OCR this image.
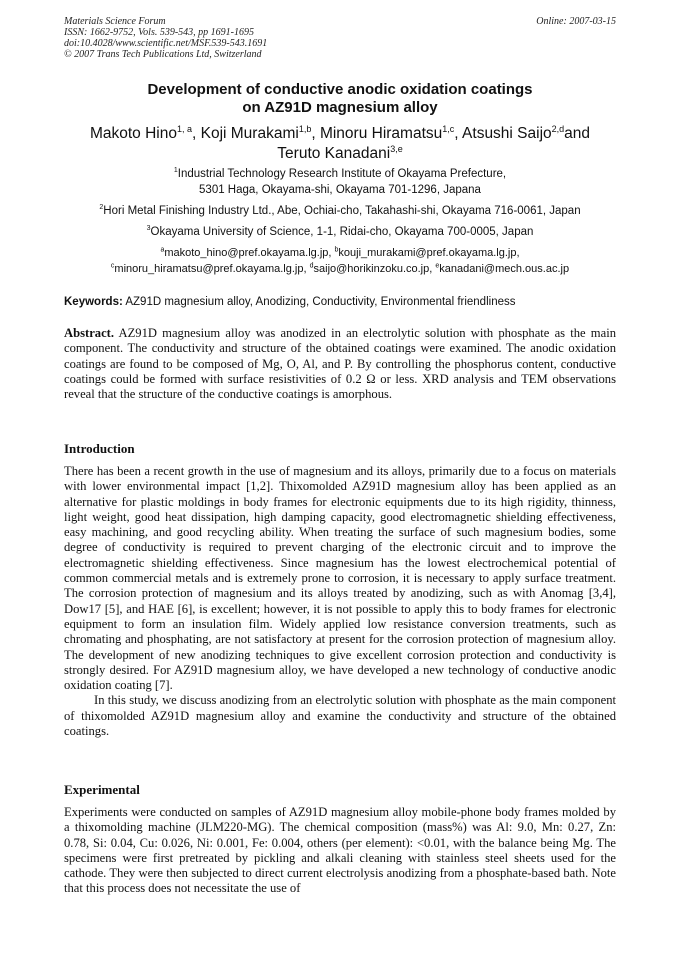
Materials Science Forum
ISSN: 1662-9752, Vols. 539-543, pp 1691-1695
doi:10.4028/www.scientific.net/MSF.539-543.1691
© 2007 Trans Tech Publications Ltd, Switzerland
Online: 2007-03-15
Development of conductive anodic oxidation coatings
on AZ91D magnesium alloy
Makoto Hino$^{1, a}$, Koji Murakami$^{1,b}$, Minoru Hiramatsu$^{1,c}$, Atsushi Saijo$^{2,d}$and
Teruto Kanadani$^{3,e}$
$^1$Industrial Technology Research Institute of Okayama Prefecture,
5301 Haga, Okayama-shi, Okayama 701-1296, Japana
$^2$Hori Metal Finishing Industry Ltd., Abe, Ochiai-cho, Takahashi-shi, Okayama 716-0061, Japan
$^3$Okayama University of Science, 1-1, Ridai-cho, Okayama 700-0005, Japan
$^a$makoto_hino@pref.okayama.lg.jp, $^b$kouji_murakami@pref.okayama.lg.jp,
$^c$minoru_hiramatsu@pref.okayama.lg.jp, $^d$saijo@horikinzoku.co.jp, $^e$kanadani@mech.ous.ac.jp
Keywords: AZ91D magnesium alloy, Anodizing, Conductivity, Environmental friendliness
Abstract. AZ91D magnesium alloy was anodized in an electrolytic solution with phosphate as the main component. The conductivity and structure of the obtained coatings were examined. The anodic oxidation coatings are found to be composed of Mg, O, Al, and P. By controlling the phosphorus content, conductive coatings could be formed with surface resistivities of 0.2 Ω or less. XRD analysis and TEM observations reveal that the structure of the conductive coatings is amorphous.
Introduction
There has been a recent growth in the use of magnesium and its alloys, primarily due to a focus on materials with lower environmental impact [1,2]. Thixomolded AZ91D magnesium alloy has been applied as an alternative for plastic moldings in body frames for electronic equipments due to its high rigidity, thinness, light weight, good heat dissipation, high damping capacity, good electromagnetic shielding effectiveness, easy machining, and good recycling ability. When treating the surface of such magnesium bodies, some degree of conductivity is required to prevent charging of the electronic circuit and to improve the electromagnetic shielding effectiveness. Since magnesium has the lowest electrochemical potential of common commercial metals and is extremely prone to corrosion, it is necessary to apply surface treatment. The corrosion protection of magnesium and its alloys treated by anodizing, such as with Anomag [3,4], Dow17 [5], and HAE [6], is excellent; however, it is not possible to apply this to body frames for electronic equipment to form an insulation film. Widely applied low resistance conversion treatments, such as chromating and phosphating, are not satisfactory at present for the corrosion protection of magnesium alloy. The development of new anodizing techniques to give excellent corrosion protection and conductivity is strongly desired. For AZ91D magnesium alloy, we have developed a new technology of conductive anodic oxidation coating [7].
In this study, we discuss anodizing from an electrolytic solution with phosphate as the main component of thixomolded AZ91D magnesium alloy and examine the conductivity and structure of the obtained coatings.
Experimental
Experiments were conducted on samples of AZ91D magnesium alloy mobile-phone body frames molded by a thixomolding machine (JLM220-MG). The chemical composition (mass%) was Al: 9.0, Mn: 0.27, Zn: 0.78, Si: 0.04, Cu: 0.026, Ni: 0.001, Fe: 0.004, others (per element): <0.01, with the balance being Mg. The specimens were first pretreated by pickling and alkali cleaning with stainless steel sheets used for the cathode. They were then subjected to direct current electrolysis anodizing from a phosphate-based bath. Note that this process does not necessitate the use of
